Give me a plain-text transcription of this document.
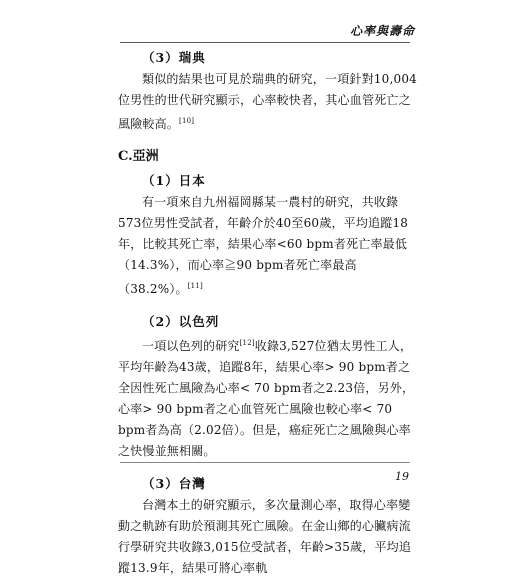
心率與壽命

（3）瑞典

類似的結果也可見於瑞典的研究，一項針對10,004位男性的世代研究顯示，心率較快者，其心血管死亡之風險較高。[10]

C.亞洲

（1）日本

有一項來自九州福岡縣某一農村的研究，共收錄573位男性受試者，年齡介於40至60歲，平均追蹤18年，比較其死亡率，結果心率<60 bpm者死亡率最低（14.3%），而心率≧90 bpm者死亡率最高（38.2%）。[11]

（2）以色列

一項以色列的研究[12]收錄3,527位猶太男性工人，平均年齡為43歲，追蹤8年，結果心率> 90 bpm者之全因性死亡風險為心率< 70 bpm者之2.23倍，另外，心率> 90 bpm者之心血管死亡風險也較心率< 70 bpm者為高（2.02倍）。但是，癌症死亡之風險與心率之快慢並無相關。

（3）台灣

台灣本土的研究顯示，多次量測心率，取得心率變動之軌跡有助於預測其死亡風險。在金山鄉的心臟病流行學研究共收錄3,015位受試者，年齡>35歲，平均追蹤13.9年，結果可將心率軌

19
